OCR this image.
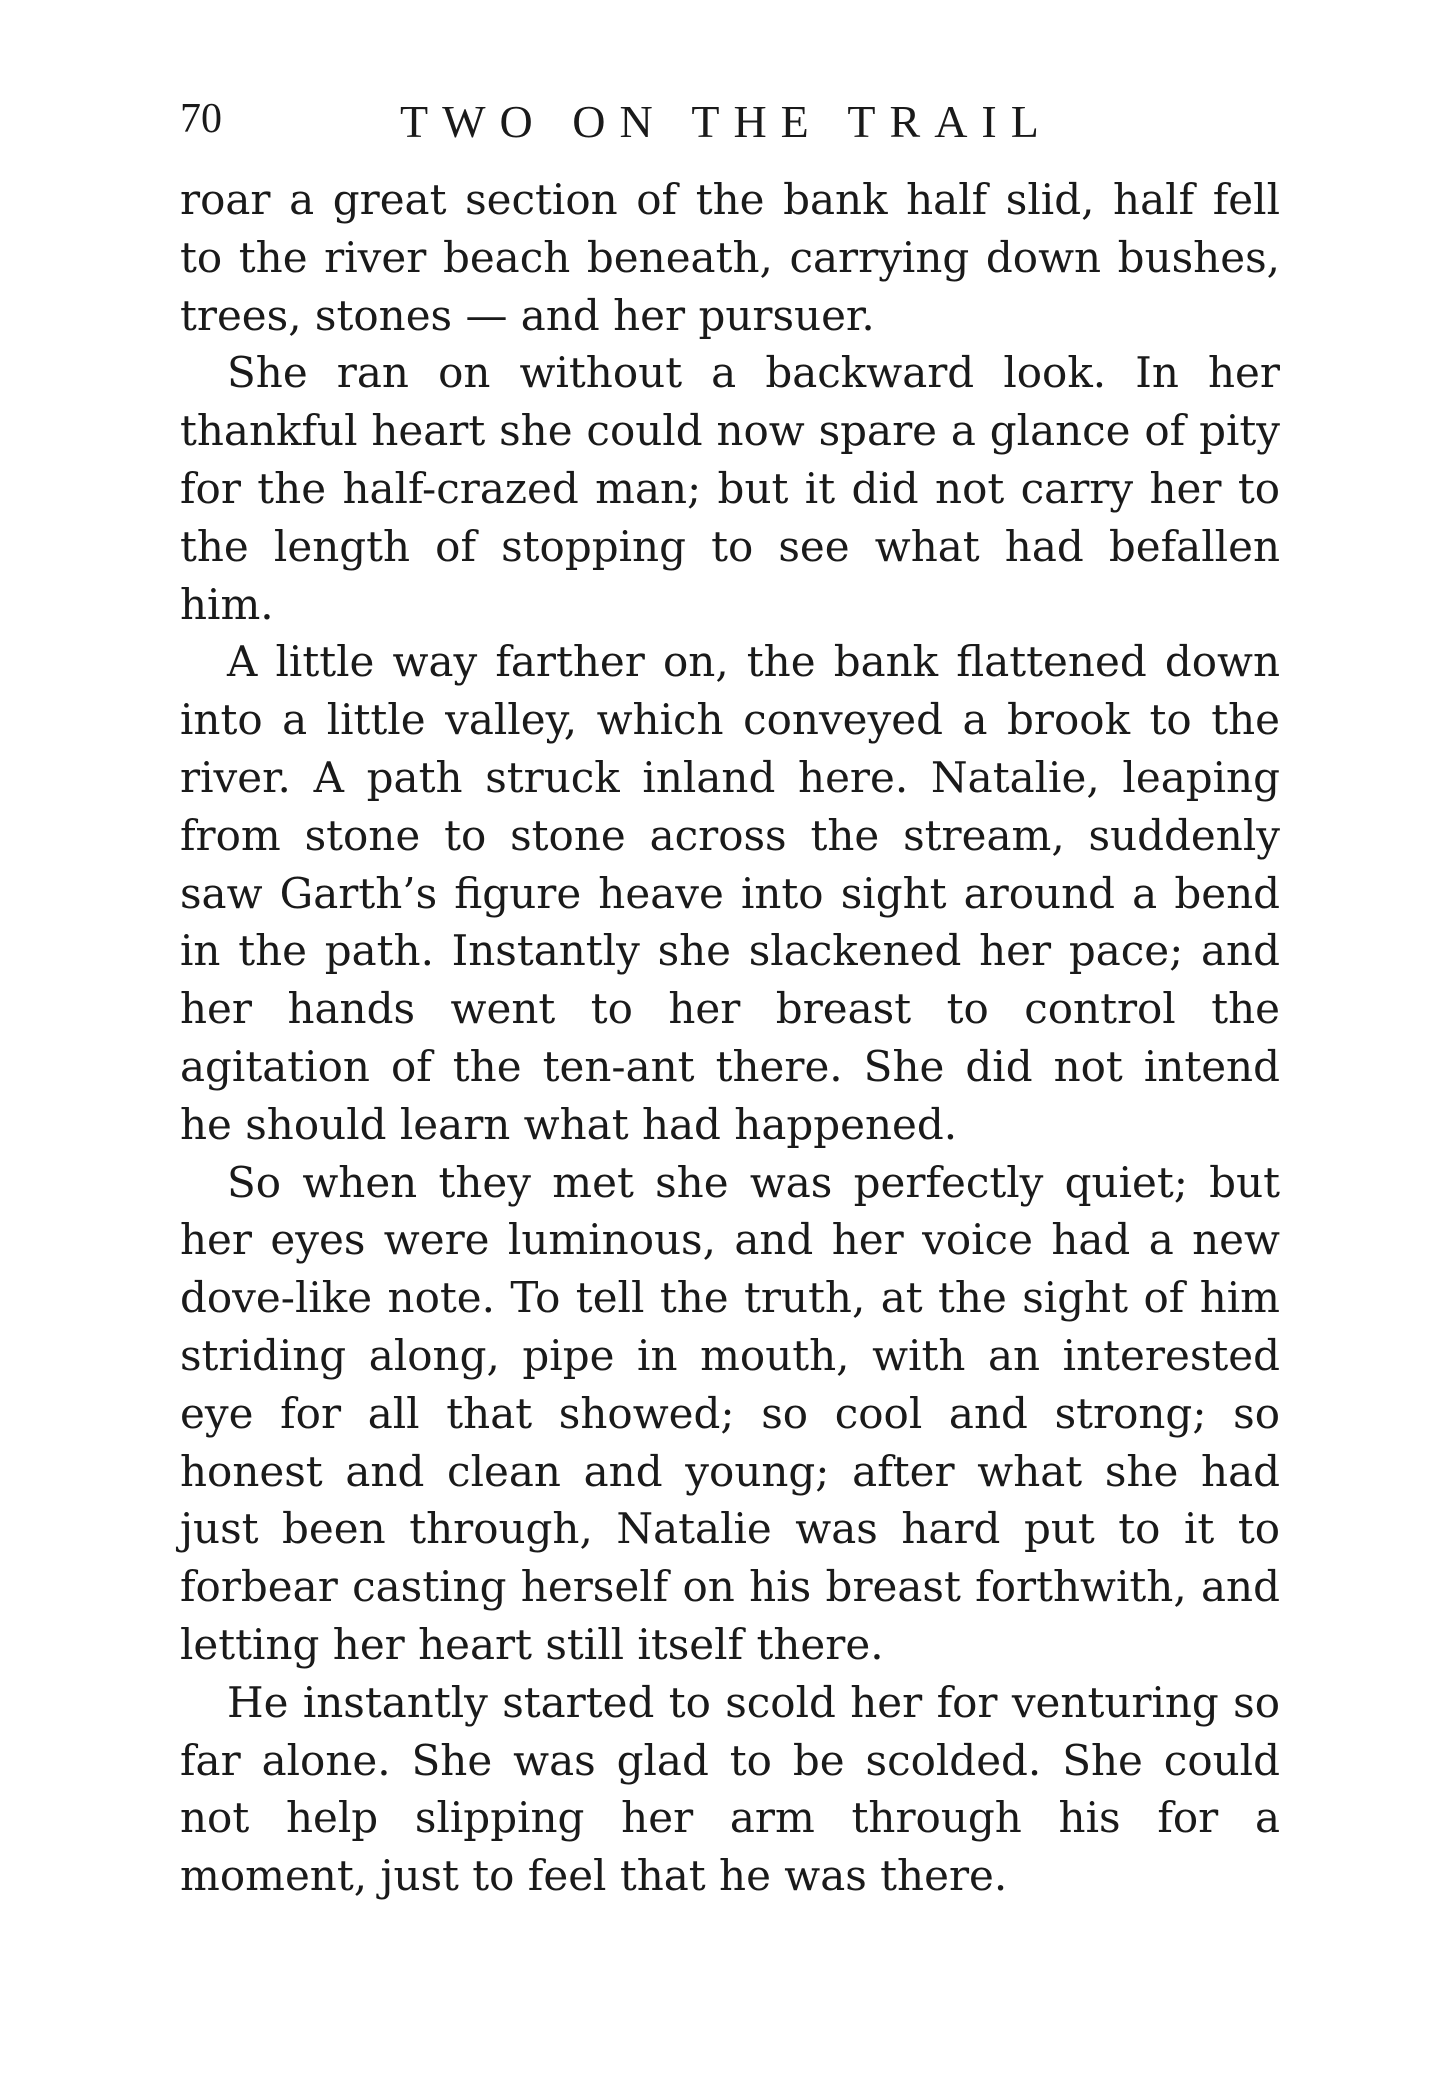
70	TWO ON THE TRAIL

roar a great section of the bank half slid, half fell to the river beach beneath, carrying down bushes, trees, stones — and her pursuer.

She ran on without a backward look. In her thankful heart she could now spare a glance of pity for the half-crazed man; but it did not carry her to the length of stopping to see what had befallen him.

A little way farther on, the bank flattened down into a little valley, which conveyed a brook to the river. A path struck inland here. Natalie, leaping from stone to stone across the stream, suddenly saw Garth’s figure heave into sight around a bend in the path. Instantly she slackened her pace; and her hands went to her breast to control the agitation of the ten-ant there. She did not intend he should learn what had happened.

So when they met she was perfectly quiet; but her eyes were luminous, and her voice had a new dove-like note. To tell the truth, at the sight of him striding along, pipe in mouth, with an interested eye for all that showed; so cool and strong; so honest and clean and young; after what she had just been through, Natalie was hard put to it to forbear casting herself on his breast forthwith, and letting her heart still itself there.

He instantly started to scold her for venturing so far alone. She was glad to be scolded. She could not help slipping her arm through his for a moment, just to feel that he was there.
